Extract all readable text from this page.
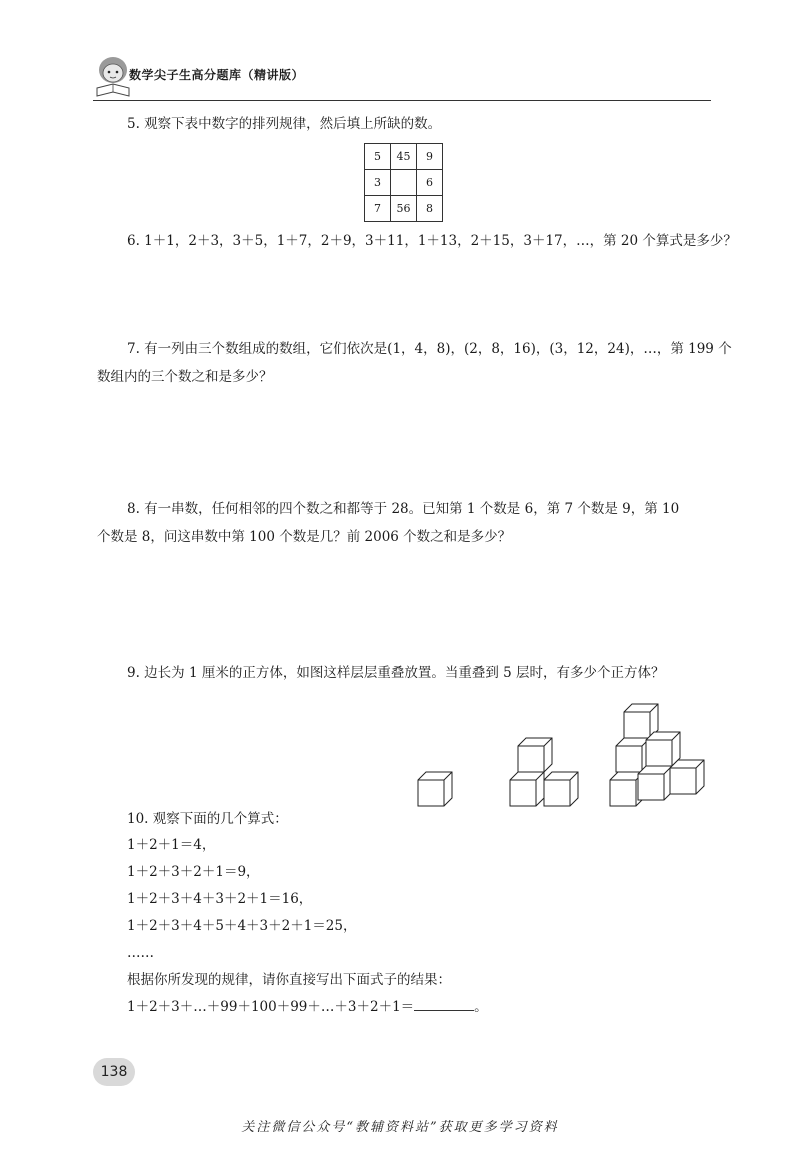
数学尖子生高分题库（精讲版）

5. 观察下表中数字的排列规律，然后填上所缺的数。

5	45	9
3		6
7	56	8

6. 1＋1，2＋3，3＋5，1＋7，2＋9，3＋11，1＋13，2＋15，3＋17，…，第 20 个算式是多少？

7. 有一列由三个数组成的数组，它们依次是(1，4，8)，(2，8，16)，(3，12，24)，…，第 199 个

数组内的三个数之和是多少？

8. 有一串数，任何相邻的四个数之和都等于 28。已知第 1 个数是 6，第 7 个数是 9，第 10

个数是 8，问这串数中第 100 个数是几？前 2006 个数之和是多少？

9. 边长为 1 厘米的正方体，如图这样层层重叠放置。当重叠到 5 层时，有多少个正方体？

10. 观察下面的几个算式：

1＋2＋1＝4，

1＋2＋3＋2＋1＝9，

1＋2＋3＋4＋3＋2＋1＝16，

1＋2＋3＋4＋5＋4＋3＋2＋1＝25，

……

根据你所发现的规律，请你直接写出下面式子的结果：

1＋2＋3＋…＋99＋100＋99＋…＋3＋2＋1＝	。

138
关注微信公众号“教辅资料站”获取更多学习资料
